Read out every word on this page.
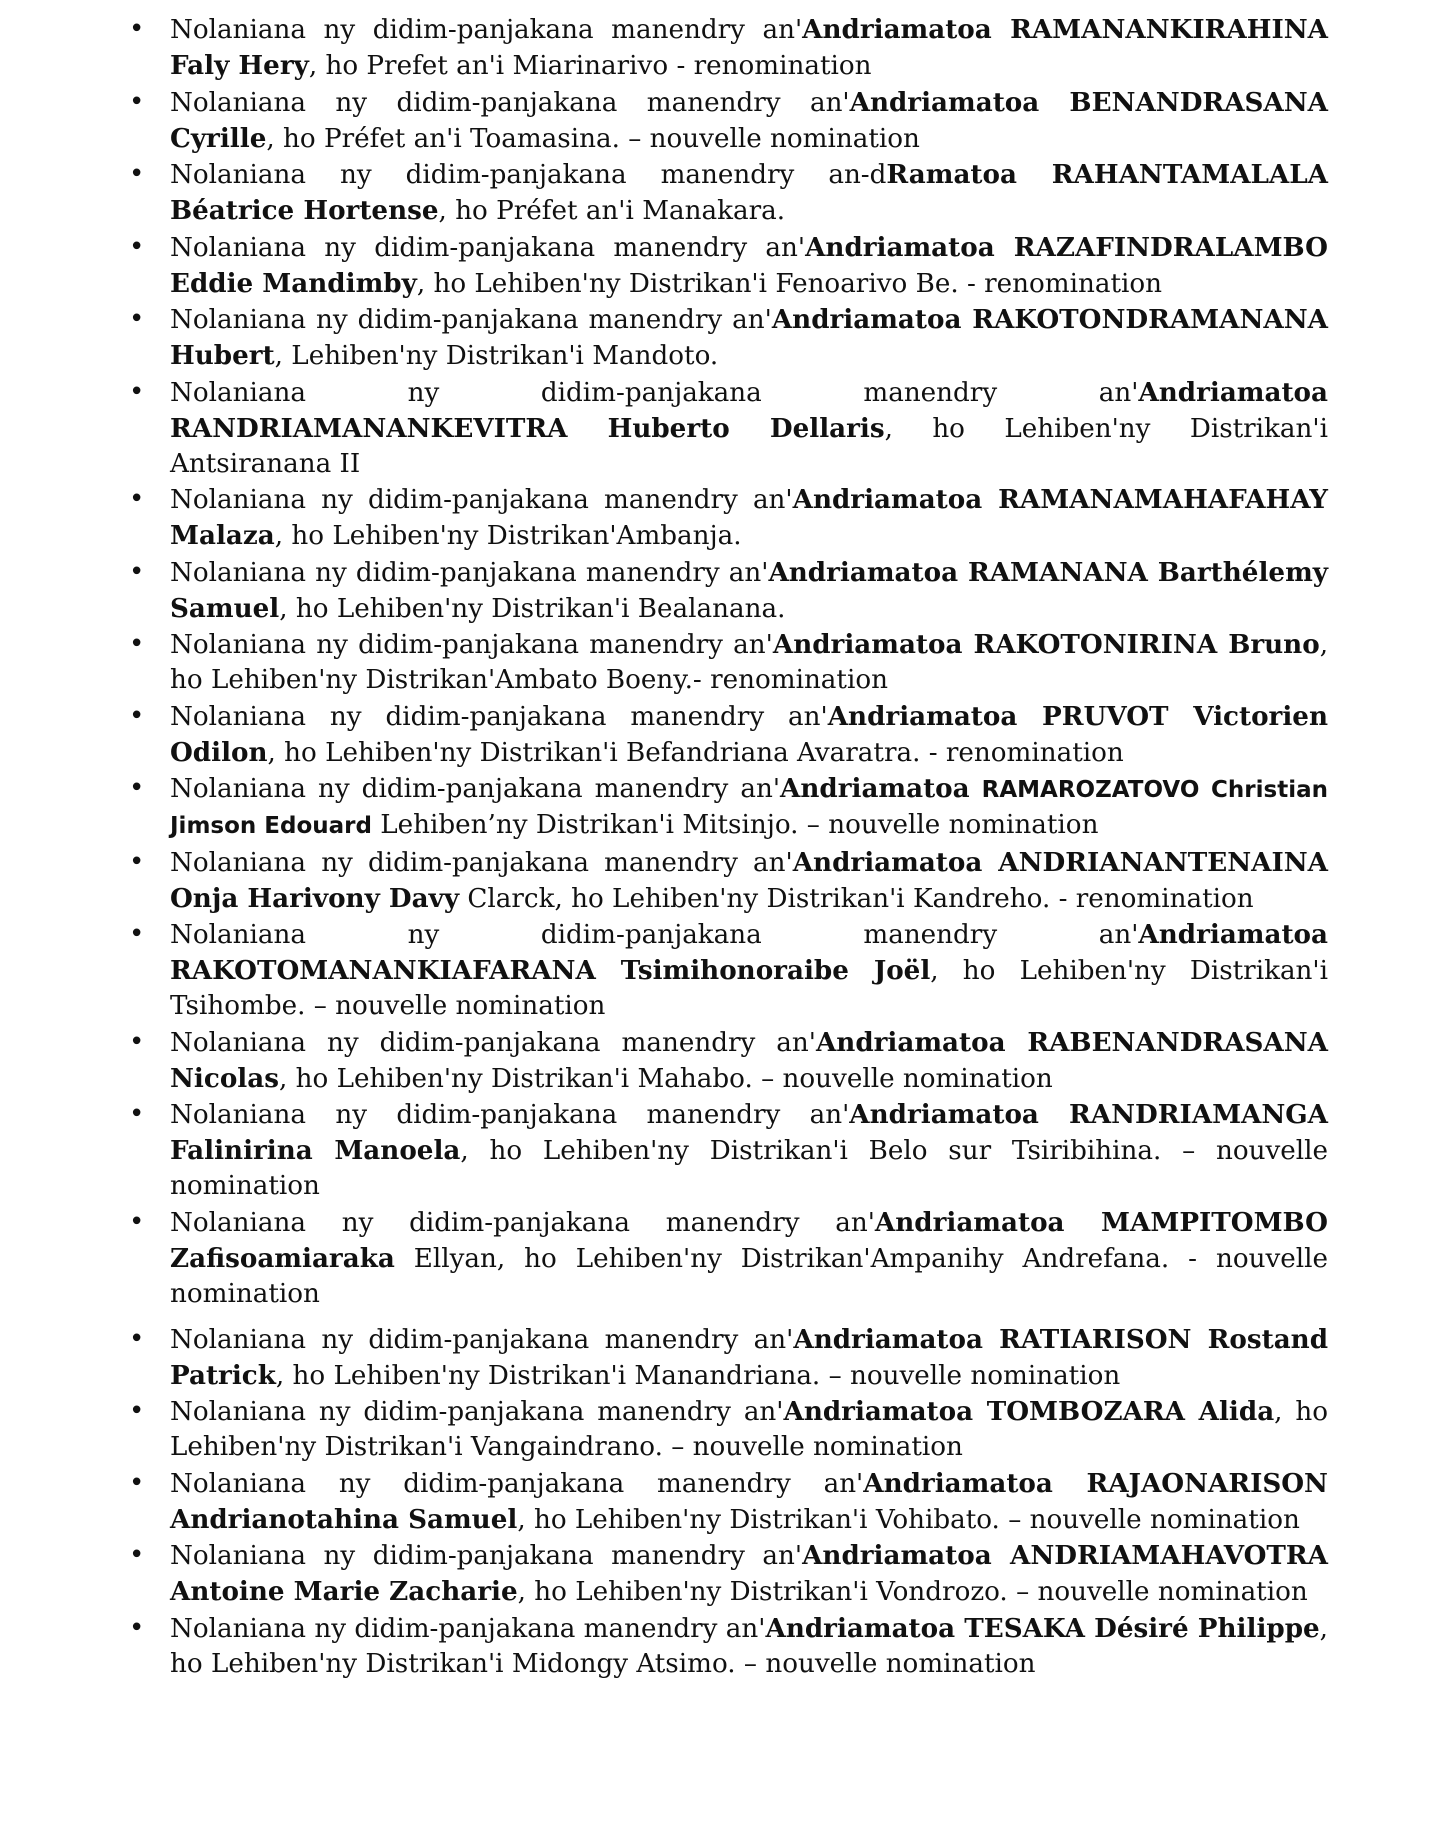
• Nolaniana ny didim-panjakana manendry an'Andriamatoa RAMANANKIRAHINA Faly Hery, ho Prefet an'i Miarinarivo - renomination
• Nolaniana ny didim-panjakana manendry an'Andriamatoa BENANDRASANA Cyrille, ho Préfet an'i Toamasina. – nouvelle nomination
• Nolaniana ny didim-panjakana manendry an-dRamatoa RAHANTAMALALA Béatrice Hortense, ho Préfet an'i Manakara.
• Nolaniana ny didim-panjakana manendry an'Andriamatoa RAZAFINDRALAMBO Eddie Mandimby, ho Lehiben'ny Distrikan'i Fenoarivo Be. - renomination
• Nolaniana ny didim-panjakana manendry an'Andriamatoa RAKOTONDRAMANANA Hubert, Lehiben'ny Distrikan'i Mandoto.
• Nolaniana ny didim-panjakana manendry an'Andriamatoa RANDRIAMANANKEVITRA Huberto Dellaris, ho Lehiben'ny Distrikan'i Antsiranana II
• Nolaniana ny didim-panjakana manendry an'Andriamatoa RAMANAMAHAFAHAY Malaza, ho Lehiben'ny Distrikan'Ambanja.
• Nolaniana ny didim-panjakana manendry an'Andriamatoa RAMANANA Barthélemy Samuel, ho Lehiben'ny Distrikan'i Bealanana.
• Nolaniana ny didim-panjakana manendry an'Andriamatoa RAKOTONIRINA Bruno, ho Lehiben'ny Distrikan'Ambato Boeny.- renomination
• Nolaniana ny didim-panjakana manendry an'Andriamatoa PRUVOT Victorien Odilon, ho Lehiben'ny Distrikan'i Befandriana Avaratra. - renomination
• Nolaniana ny didim-panjakana manendry an'Andriamatoa RAMAROZATOVO Christian Jimson Edouard Lehiben’ny Distrikan'i Mitsinjo. – nouvelle nomination
• Nolaniana ny didim-panjakana manendry an'Andriamatoa ANDRIANANTENAINA Onja Harivony Davy Clarck, ho Lehiben'ny Distrikan'i Kandreho. - renomination
• Nolaniana ny didim-panjakana manendry an'Andriamatoa RAKOTOMANANKIAFARANA Tsimihonoraibe Joël, ho Lehiben'ny Distrikan'i Tsihombe. – nouvelle nomination
• Nolaniana ny didim-panjakana manendry an'Andriamatoa RABENANDRASANA Nicolas, ho Lehiben'ny Distrikan'i Mahabo. – nouvelle nomination
• Nolaniana ny didim-panjakana manendry an'Andriamatoa RANDRIAMANGA Falinirina Manoela, ho Lehiben'ny Distrikan'i Belo sur Tsiribihina. – nouvelle nomination
• Nolaniana ny didim-panjakana manendry an'Andriamatoa MAMPITOMBO Zafisoamiaraka Ellyan, ho Lehiben'ny Distrikan'Ampanihy Andrefana. - nouvelle nomination
• Nolaniana ny didim-panjakana manendry an'Andriamatoa RATIARISON Rostand Patrick, ho Lehiben'ny Distrikan'i Manandriana. – nouvelle nomination
• Nolaniana ny didim-panjakana manendry an'Andriamatoa TOMBOZARA Alida, ho Lehiben'ny Distrikan'i Vangaindrano. – nouvelle nomination
• Nolaniana ny didim-panjakana manendry an'Andriamatoa RAJAONARISON Andrianotahina Samuel, ho Lehiben'ny Distrikan'i Vohibato. – nouvelle nomination
• Nolaniana ny didim-panjakana manendry an'Andriamatoa ANDRIAMAHAVOTRA Antoine Marie Zacharie, ho Lehiben'ny Distrikan'i Vondrozo. – nouvelle nomination
• Nolaniana ny didim-panjakana manendry an'Andriamatoa TESAKA Désiré Philippe, ho Lehiben'ny Distrikan'i Midongy Atsimo. – nouvelle nomination
